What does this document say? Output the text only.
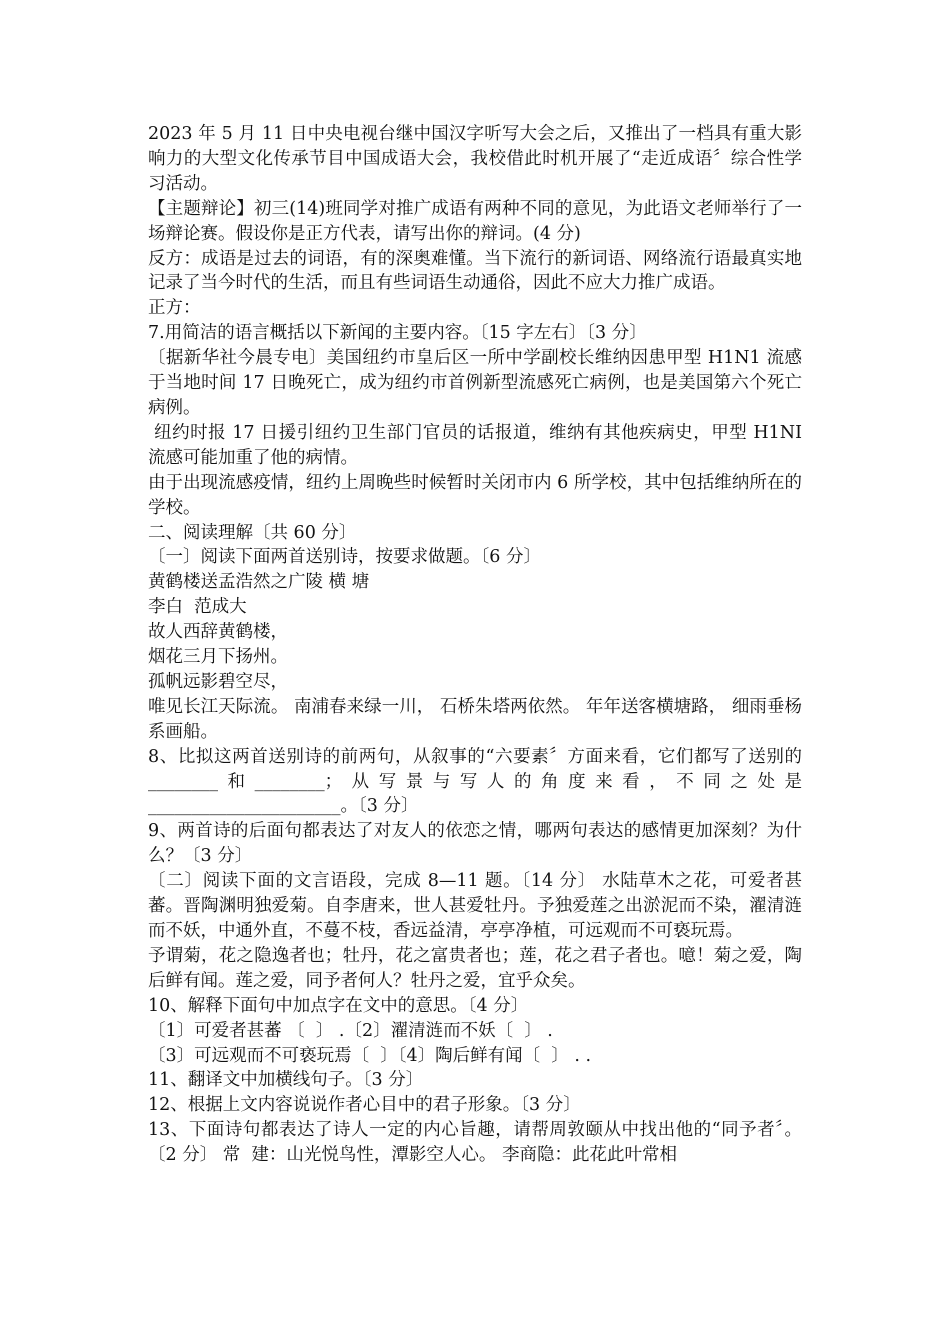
2023 年 5 月 11 日中央电视台继中国汉字听写大会之后，又推出了一档具有重大影响力的大型文化传承节目中国成语大会，我校借此时机开展了“走近成语〞综合性学习活动。

【主题辩论】初三(14)班同学对推广成语有两种不同的意见，为此语文老师举行了一场辩论赛。假设你是正方代表，请写出你的辩词。(4 分)

反方：成语是过去的词语，有的深奥难懂。当下流行的新词语、网络流行语最真实地记录了当今时代的生活，而且有些词语生动通俗，因此不应大力推广成语。

正方：

7.用简洁的语言概括以下新闻的主要内容。〔15 字左右〕〔3 分〕

〔据新华社今晨专电〕美国纽约市皇后区一所中学副校长维纳因患甲型 H1N1 流感于当地时间 17 日晚死亡，成为纽约市首例新型流感死亡病例，也是美国第六个死亡病例。

纽约时报 17 日援引纽约卫生部门官员的话报道，维纳有其他疾病史，甲型 H1NI 流感可能加重了他的病情。

由于出现流感疫情，纽约上周晚些时候暂时关闭市内 6 所学校，其中包括维纳所在的学校。

二、阅读理解〔共 60 分〕

〔一〕阅读下面两首送别诗，按要求做题。〔6 分〕

黄鹤楼送孟浩然之广陵 横 塘

李白  范成大

故人西辞黄鹤楼，

烟花三月下扬州。

孤帆远影碧空尽，

唯见长江天际流。 南浦春来绿一川， 石桥朱塔两依然。 年年送客横塘路， 细雨垂杨系画船。

8、比拟这两首送别诗的前两句，从叙事的“六要素〞方面来看，它们都写了送别的________和________；从写景与写人的角度来看，不同之处是______________________。〔3 分〕

9、两首诗的后面句都表达了对友人的依恋之情，哪两句表达的感情更加深刻？为什么？〔3 分〕

〔二〕阅读下面的文言语段，完成 8—11 题。〔14 分〕 水陆草木之花，可爱者甚蕃。晋陶渊明独爱菊。自李唐来，世人甚爱牡丹。予独爱莲之出淤泥而不染，濯清涟而不妖，中通外直，不蔓不枝，香远益清，亭亭净植，可远观而不可亵玩焉。

予谓菊，花之隐逸者也；牡丹，花之富贵者也；莲，花之君子者也。噫！菊之爱，陶后鲜有闻。莲之爱，同予者何人？牡丹之爱，宜乎众矣。

10、解释下面句中加点字在文中的意思。〔4 分〕

〔1〕可爱者甚蕃 〔  〕 .〔2〕濯清涟而不妖〔  〕 .

〔3〕可远观而不可亵玩焉〔  〕〔4〕陶后鲜有闻〔  〕 . .

11、翻译文中加横线句子。〔3 分〕

12、根据上文内容说说作者心目中的君子形象。〔3 分〕

13、下面诗句都表达了诗人一定的内心旨趣，请帮周敦颐从中找出他的“同予者〞。〔2 分〕 常  建：山光悦鸟性，潭影空人心。 李商隐：此花此叶常相
